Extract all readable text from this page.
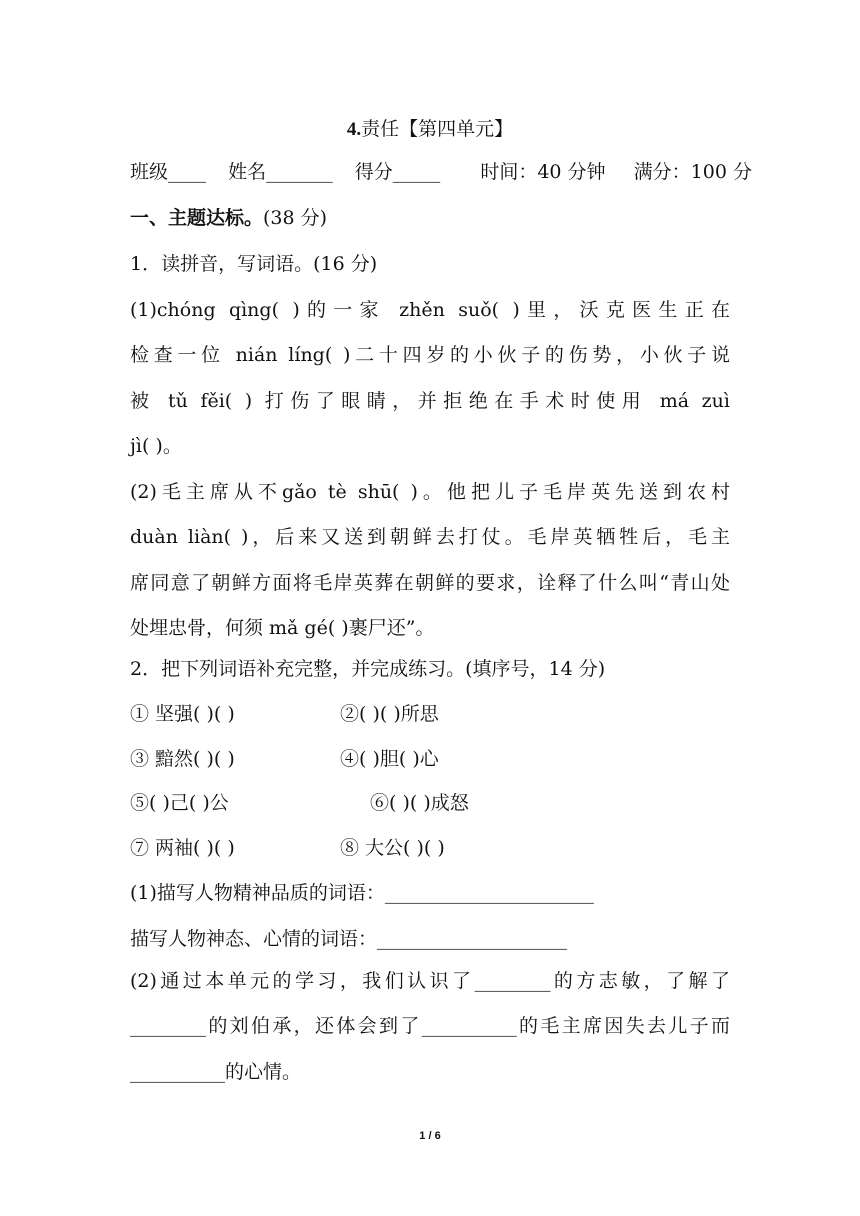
4.责任【第四单元】
班级____ 姓名_______ 得分_____ 时间：40 分钟 满分：100 分
一、主题达标。(38 分)
1．读拼音，写词语。(16 分)
(1)chóng qìng( )的一家 zhěn suǒ( )里，沃克医生正在
检查一位 nián líng( )二十四岁的小伙子的伤势，小伙子说
被 tǔ fěi( ) 打伤了眼睛，并拒绝在手术时使用 má zuì
jì( )。
(2)毛主席从不gǎo tè shū( )。他把儿子毛岸英先送到农村
duàn liàn( )，后来又送到朝鲜去打仗。毛岸英牺牲后，毛主
席同意了朝鲜方面将毛岸英葬在朝鲜的要求，诠释了什么叫“青山处
处埋忠骨，何须 mǎ gé( )裹尸还”。
2．把下列词语补充完整，并完成练习。(填序号，14 分)
① 坚强( )( )	②( )( )所思
③ 黯然( )( )	④( )胆( )心
⑤( )己( )公	⑥( )( )成怒
⑦ 两袖( )( )	⑧ 大公( )( )
(1)描写人物精神品质的词语：______________________
描写人物神态、心情的词语：____________________
(2)通过本单元的学习，我们认识了________的方志敏，了解了
________的刘伯承，还体会到了__________的毛主席因失去儿子而
__________的心情。
1 / 6
